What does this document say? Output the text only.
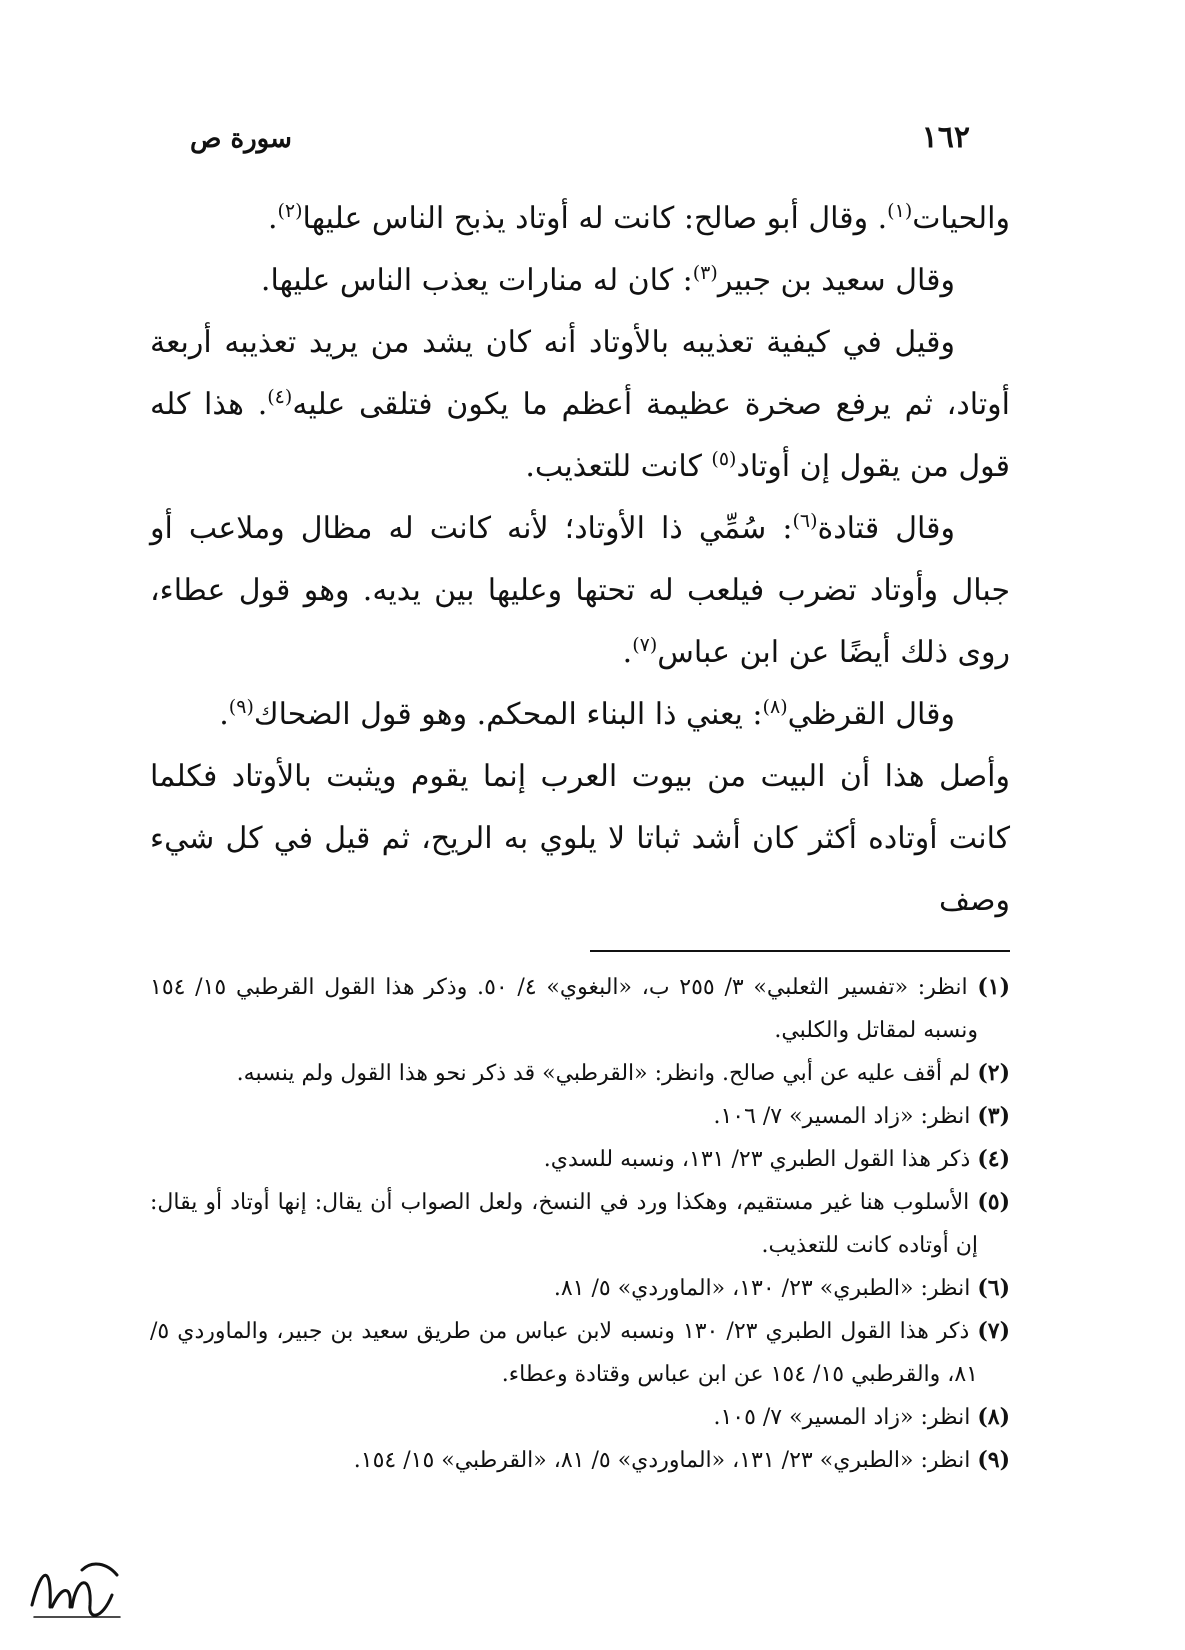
١٦٢
سورة ص

والحيات$^{(١)}$. وقال أبو صالح: كانت له أوتاد يذبح الناس عليها$^{(٢)}$.

وقال سعيد بن جبير$^{(٣)}$: كان له منارات يعذب الناس عليها.

وقيل في كيفية تعذيبه بالأوتاد أنه كان يشد من يريد تعذيبه أربعة أوتاد، ثم يرفع صخرة عظيمة أعظم ما يكون فتلقى عليه$^{(٤)}$. هذا كله قول من يقول إن أوتاد$^{(٥)}$ كانت للتعذيب.

وقال قتادة$^{(٦)}$: سُمِّي ذا الأوتاد؛ لأنه كانت له مظال وملاعب أو جبال وأوتاد تضرب فيلعب له تحتها وعليها بين يديه. وهو قول عطاء، روى ذلك أيضًا عن ابن عباس$^{(٧)}$.

وقال القرظي$^{(٨)}$: يعني ذا البناء المحكم. وهو قول الضحاك$^{(٩)}$.

وأصل هذا أن البيت من بيوت العرب إنما يقوم ويثبت بالأوتاد فكلما كانت أوتاده أكثر كان أشد ثباتا لا يلوي به الريح، ثم قيل في كل شيء وصف

(١) انظر: «تفسير الثعلبي» ٣/ ٢٥٥ ب، «البغوي» ٤/ ٥٠. وذكر هذا القول القرطبي ١٥/ ١٥٤ ونسبه لمقاتل والكلبي.

(٢) لم أقف عليه عن أبي صالح. وانظر: «القرطبي» قد ذكر نحو هذا القول ولم ينسبه.

(٣) انظر: «زاد المسير» ٧/ ١٠٦.

(٤) ذكر هذا القول الطبري ٢٣/ ١٣١، ونسبه للسدي.

(٥) الأسلوب هنا غير مستقيم، وهكذا ورد في النسخ، ولعل الصواب أن يقال: إنها أوتاد أو يقال: إن أوتاده كانت للتعذيب.

(٦) انظر: «الطبري» ٢٣/ ١٣٠، «الماوردي» ٥/ ٨١.

(٧) ذكر هذا القول الطبري ٢٣/ ١٣٠ ونسبه لابن عباس من طريق سعيد بن جبير، والماوردي ٥/ ٨١، والقرطبي ١٥/ ١٥٤ عن ابن عباس وقتادة وعطاء.

(٨) انظر: «زاد المسير» ٧/ ١٠٥.

(٩) انظر: «الطبري» ٢٣/ ١٣١، «الماوردي» ٥/ ٨١، «القرطبي» ١٥/ ١٥٤.
